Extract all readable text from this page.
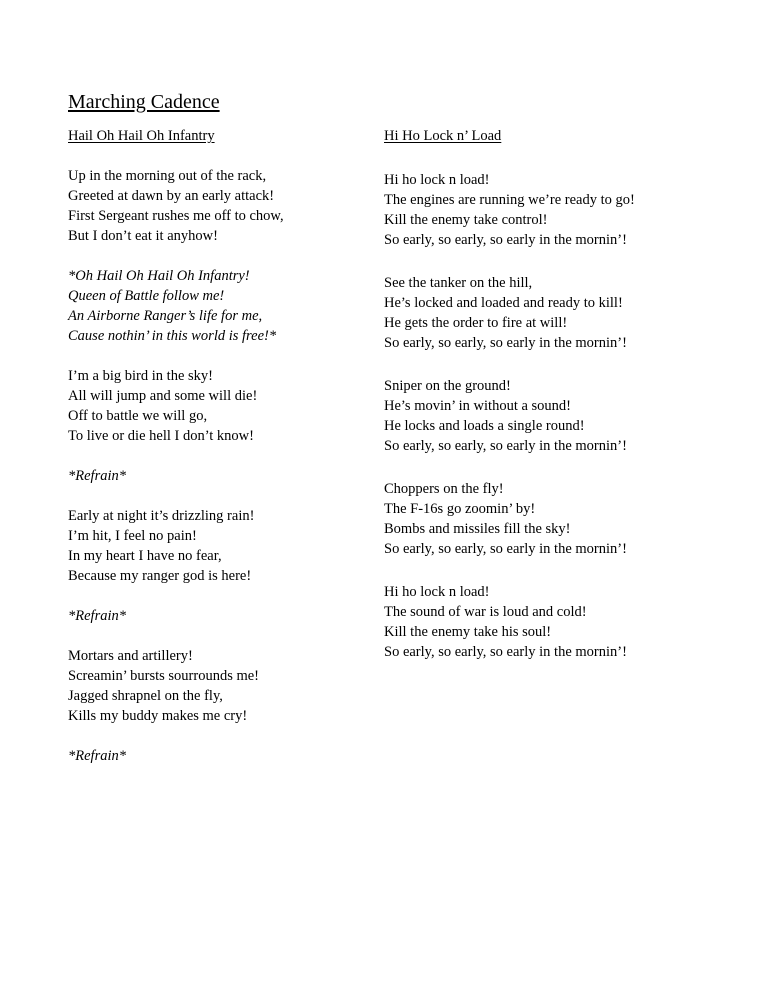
Marching Cadence

Hail Oh Hail Oh Infantry

Up in the morning out of the rack,
Greeted at dawn by an early attack!
First Sergeant rushes me off to chow,
But I don’t eat it anyhow!

*Oh Hail Oh Hail Oh Infantry!
Queen of Battle follow me!
An Airborne Ranger’s life for me,
Cause nothin’ in this world is free!*

I’m a big bird in the sky!
All will jump and some will die!
Off to battle we will go,
To live or die hell I don’t know!

*Refrain*

Early at night it’s drizzling rain!
I’m hit, I feel no pain!
In my heart I have no fear,
Because my ranger god is here!

*Refrain*

Mortars and artillery!
Screamin’ bursts sourrounds me!
Jagged shrapnel on the fly,
Kills my buddy makes me cry!

*Refrain*

Hi Ho Lock n’ Load

Hi ho lock n load!
The engines are running we’re ready to go!
Kill the enemy take control!
So early, so early, so early in the mornin’!

See the tanker on the hill,
He’s locked and loaded and ready to kill!
He gets the order to fire at will!
So early, so early, so early in the mornin’!

Sniper on the ground!
He’s movin’ in without a sound!
He locks and loads a single round!
So early, so early, so early in the mornin’!

Choppers on the fly!
The F-16s go zoomin’ by!
Bombs and missiles fill the sky!
So early, so early, so early in the mornin’!

Hi ho lock n load!
The sound of war is loud and cold!
Kill the enemy take his soul!
So early, so early, so early in the mornin’!
